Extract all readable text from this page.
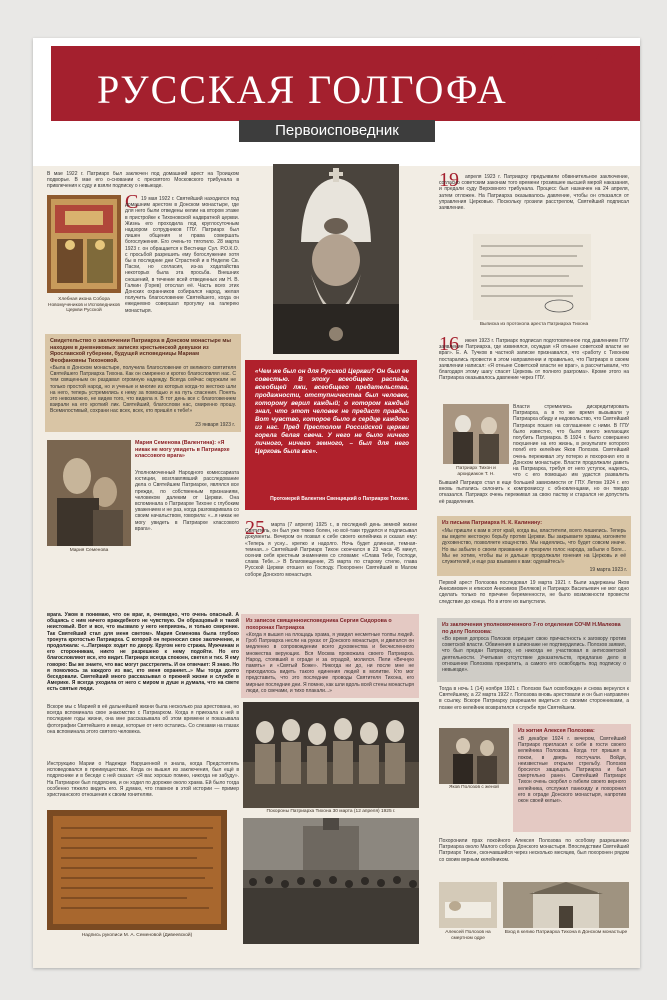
1922-1925
РУССКАЯ ГОЛГОФА
Первоисповедник
В мае 1922 г. Патриарх был заключен под домашний арест на Троицком подворье. В мае его о-сновании с пресвятого Московского трибунала в привлечения к суду и взяли подписку о невыезде.
Хлебная икона Собора Новомучеников и Исповедников Церкви Русской
С 19 мая 1922 г. Святейший находился под домашним арестом в Донском монастыре, где для него были отведены келии на втором этаже в пристройке к Тихоновской надвратной церкви. Жизнь его проходила под круглосуточным надзором сотрудников ГПУ. Патриарх был лишен общения и права совершать богослужения. Его очень-то тяготило. 28 марта 1923 г. он обращается к Вестнице Сул. Р.О.К.О. с просьбой разрешить ему богослужение хотя бы в последние дни Страстной и в Неделю Св. Пасхи, но согласия, из-за ходатайства некоторых была эта просьба. Внешних сношений, в течение всей отведенных им Н. В. Галкин (Горев) отослал её. Часть всех этих Донских охранников собирался народ, желая получить благословение Святейшего, когда он ежедневно совершал прогулку на галерею монастыря.
Свидетельство о заключении Патриарха в Донском монастыре мы находим в дневниковых записях крестьянской девушки из Ярославской губернии, будущей исповедницы Мариам Феофановны Тихоновой.
«Была в Донском монастыре, получила благословение от великого святителя Святейшего Патриарха Тихона. Как он смиренно и кротко благословлял нас. С тем священным он раздавал огромную надежду. Всегда сейчас окружали не только простой народ, но и ученые и многие из которых когда-то жестоко шли на него, теперь устремились к нему за помощью и на путь спасения. Понять это невозможно, не видев того, что видела я. В тот день все с благоговением взирали на его кроткий лик. Святейший, благослови нас, смиренно прошу. Всемилостивый, сохрани нас всех, всех, кто пришёл к тебе!»
23 января 1923 г.
Мария Семенова
Мария Семенова (Валентина): «Я никак не могу увидеть в Патриархе классового врага»
Уполномоченный Народного комиссариата юстиции, возглавлявший расследование дела о Святейшем Патриархе, являлся все прежде, по собственным признаниям, человеком далеким от Церкви. Она вспоминала о Патриархе Тихоне с глубоким уважением и не раз, когда разговаривала со своим начальством, говорила: «...я никак не могу увидеть в Патриархе классового врага».
врага. Ужом в понимаю, что он враг, я, очевидно, что очень опасный. А общаясь с ним ничего враждебного не чувствую. Он образцовый и такой неистовый. Вот и все, что вызвало у него неприязнь, и только смирение. Так Святейший стал для меня светом». Мария Семенова была глубоко тронута кротостью Патриарха. С которой он переносил свое заключение, и продолжала: «...Патриарх ходит по двору. Кругом него стража. Мужчинам и его сторонникам, никто не разрешено к нему подойти. Но его благословляют все, кто видит. Патриарх всегда спокоен, светел и тих. Я ему говорю: Вы же знаете, что вас могут расстрелять. И он отвечает: Я знаю. Но я помолюсь за каждого из вас, кто меня охраняет...» Мы тогда долго беседовали. Святейший много рассказывал о прежней жизни и службе в Америке. Я всегда уходила от него с миром в душе и думала, что на свете есть святые люди.
Вскоре мы с Марией в её дальнейшей жизни была несколько раз арестована, но всегда вспоминала свое знакомство с Патриархом. Когда я приехала к ней в последние годы жизни, она мне рассказывала об этом времени и показывала фотографии Святейшего и вещи, которые от него остались. Со слезами на глазах она вспоминала этого святого человека.
Инструкцию Марии о Надежде Нарушенной я знала, когда Предстоятель исповедовался в преимуществах. Когда он вышел из заключения, был ещё в подряснике и в беседе с ней сказал: «Я вас хорошо помню, никогда не забуду». На Патриархе был подрясник, и он ходил по дорожке около храма. Ей было тогда особенно тяжело видеть его. Я думаю, что главное в этой истории — пример христианского отношения к своим гонителям.
Надпись рукописи М. А. Семеновой (Дивеевской)
«Чем же был он для Русской Церкви? Он был ее совестью. В эпоху всеобщего распада, всеобщей лжи, всеобщего предательства, продажности, отступничества был человек, которому верил каждый; о котором каждый знал, что этот человек не предаст правды. Вот чувство, которое было в сердце каждого из нас. Пред Престолом Российской церкви горела белая свеча. У него не было ничего личного, ничего земного, – был для него Церковь была все».
Протоиерей Валентин Свенцицкий о Патриархе Тихоне.
25	марта (7 апреля) 1925 г., в последний день земной жизни Святитель, он был уже тяжко болен, но всё-таки трудился и подписывал документы. Вечером он позвал к себе своего келейника и сказал ему: «Теперь я усну... крепко и надолго. Ночь будет длинная, темная-темная...» Святейший Патриарх Тихон скончался в 23 часа 45 минут, осенив себя крестным знамением со словами: «Слава Тебе, Господи, слава Тебе...» В Благовещение, 25 марта по старому стилю, глава Русской Церкви отошел ко Господу. Похоронен Святейший в Малом соборе Донского монастыря.
Из записок священноисповедника Сергия Сидорова о похоронах Патриарха
«Когда я вышел на площадь храма, я увидел несметные толпы людей. Гроб Патриарха несли на руках от Донского монастыря, и двигался он медленно в сопровождении всего духовенства и бесчисленного множества верующих. Вся Москва провожала своего Патриарха. Народ, стоявший в ограде и за оградой, молился. Пели «Вечную память» и «Святый Боже». Никогда ни до, ни после мне не приходилось видеть такого единения людей в молитве. Кто мог представить, что это последние проводы Святителя Тихона, его мирные последние дни. Я помню, как шли вдоль всей стены монастыря люди, со свечами, и тихо плакали...»
Похороны Патриарха Тихона 30 марта (12 апреля) 1925 г.
19	апреля 1923 г. Патриарху предъявили обвинительное заключение, согласно советским законам того времени грозившее высшей мерой наказания, и предали суду Верховного трибунала. Процесс был назначен на 24 апреля, затем отложен. На Патриарха оказывалось давление, чтобы он отказался от управления Церковью. Поскольку грозили расстрелом, Святейший подписал заявление.
Выписка из протокола ареста Патриарха Тихона
16	июня 1923 г. Патриарх подписал подготовленное под давлением ГПУ заявление Патриарха, где извинялся, осуждая «Я отныне советской власти не враг». Е. А. Тучков в частной записке признавался, что «работу с Тихоном постарались провести в этом направлении и правильно, что Патриарх в своем заявлении написал: «Я отныне Советской власти не враг», а рассчитывали, что благодаря этому шагу спасет Церковь от полного разгрома». Кроме этого на Патриарха оказывалось давление через ГПУ.
Патриарх Тихон и архидиакон Т. Н.
Власти стремились дискредитировать Патриарха, а в то же время вызывали у Патриарха обиду и недовольство, что Святейший Патриарх пошел на соглашение с ними. В ГПУ было известно, что было много желающих погубить Патриарха. В 1924 г. было совершено покушение на его жизнь, в результате которого погиб его келейник Яков Полозов. Святейший очень переживал эту потерю и похоронил его в Донском монастыре. Власти продолжали давить на Патриарха, требуя от него уступок, надеясь, что с его помощью им удастся развалить
Бывший Патриарх стал в еще большей зависимости от ГПУ. Летом 1924 г. его вновь пытались склонить к компромиссу с обновленцами, но он твердо отказался. Патриарх очень переживал за свою паству и старался не допустить её разделения.
Из письма Патриарха Н. К. Калинину:
«Мы пришли к вам в этот край, когда вы, властители, всего лишились. Теперь вы ведете жестокую борьбу против Церкви. Вы закрываете храмы, изгоняете духовенство, позволяете кощунство. Мы надеялись, что будет совсем иначе. Но вы забыли о своем призвании и презрели голос народа, забыли о Боге... Мы не хотим, чтобы вы и дальше продолжали гонения на Церковь и её служителей, и еще раз взываем к вам: одумайтесь!»
19 марта 1923 г.
Первой арест Полозова последовал 19 марта 1921 г. Были задержаны Яков Анисимович и епископ Анисимов (Беляков) и Патриарх Васильевич не мог одно сделать только по причине беременности, не было возможности провести следствие до конца. Но в итоге их выпустили.
Из заключения уполномоченного 7-го отделения СОЧМ Н.Малкова по делу Полозова:
«Во время допроса Полозов отрицает свою причастность к заговору против советской власти. Обвинения в шпионаже не подтвердились. Полозов заявил, что был предан Патриарху, но никогда не участвовал в антисоветской деятельности. Учитывая отсутствие доказательств, предлагаю дело в отношении Полозова прекратить, а самого его освободить под подписку о невыезде».
Тогда в ночь 1 (14) ноября 1921 г. Полозов был освобожден и снова вернулся к Святейшему, а 22 марта 1922 г. Полозова вновь арестовали и он был направлен в ссылку. Вскоре Патриарху разрешили видеться со своими сторонниками, а позже его келейник возвратился к службе при Святейшем.
Яков Полозов с женой
Из жития Алексея Полозова:
«В декабре 1924 г. вечером, Святейший Патриарх пригласил к себе в гости своего келейника Полозова. Когда тот пришел в покои, в дверь постучали. Войдя, неизвестные открыли стрельбу. Полозов бросился защищать Патриарха и был смертельно ранен. Святейший Патриарх Тихон очень скорбел о гибели своего верного келейника, отслужил панихиду и похоронил его в ограде Донского монастыря, напротив окон своей кельи».
Похоронили прах покойного Алексея Полозова по особому разрешению Патриарха около Малого собора Донского монастыря. Впоследствии Святейший Патриарх Тихон, скончавшийся через несколько месяцев, был похоронен рядом со своим верным келейником.
Алексей Полозов на смертном одре
Вход в келию Патриарха Тихона в Донском монастыре
